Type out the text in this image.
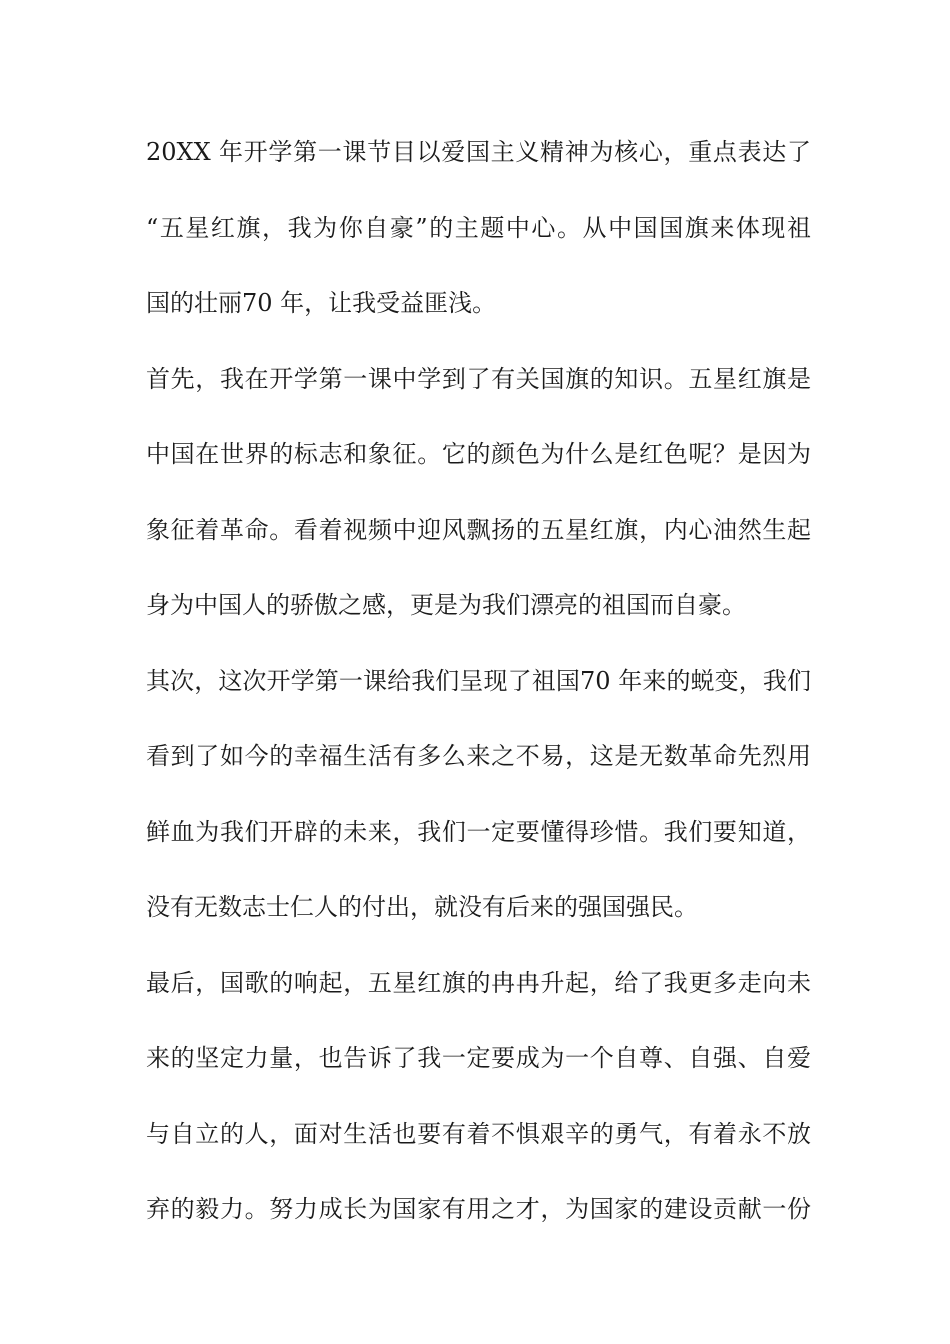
20XX 年开学第一课节目以爱国主义精神为核心，重点表达了
“五星红旗，我为你自豪”的主题中心。从中国国旗来体现祖
国的壮丽70 年，让我受益匪浅。
首先，我在开学第一课中学到了有关国旗的知识。五星红旗是
中国在世界的标志和象征。它的颜色为什么是红色呢？是因为
象征着革命。看着视频中迎风飘扬的五星红旗，内心油然生起
身为中国人的骄傲之感，更是为我们漂亮的祖国而自豪。
其次，这次开学第一课给我们呈现了祖国70 年来的蜕变，我们
看到了如今的幸福生活有多么来之不易，这是无数革命先烈用
鲜血为我们开辟的未来，我们一定要懂得珍惜。我们要知道，
没有无数志士仁人的付出，就没有后来的强国强民。
最后，国歌的响起，五星红旗的冉冉升起，给了我更多走向未
来的坚定力量，也告诉了我一定要成为一个自尊、自强、自爱
与自立的人，面对生活也要有着不惧艰辛的勇气，有着永不放
弃的毅力。努力成长为国家有用之才，为国家的建设贡献一份
